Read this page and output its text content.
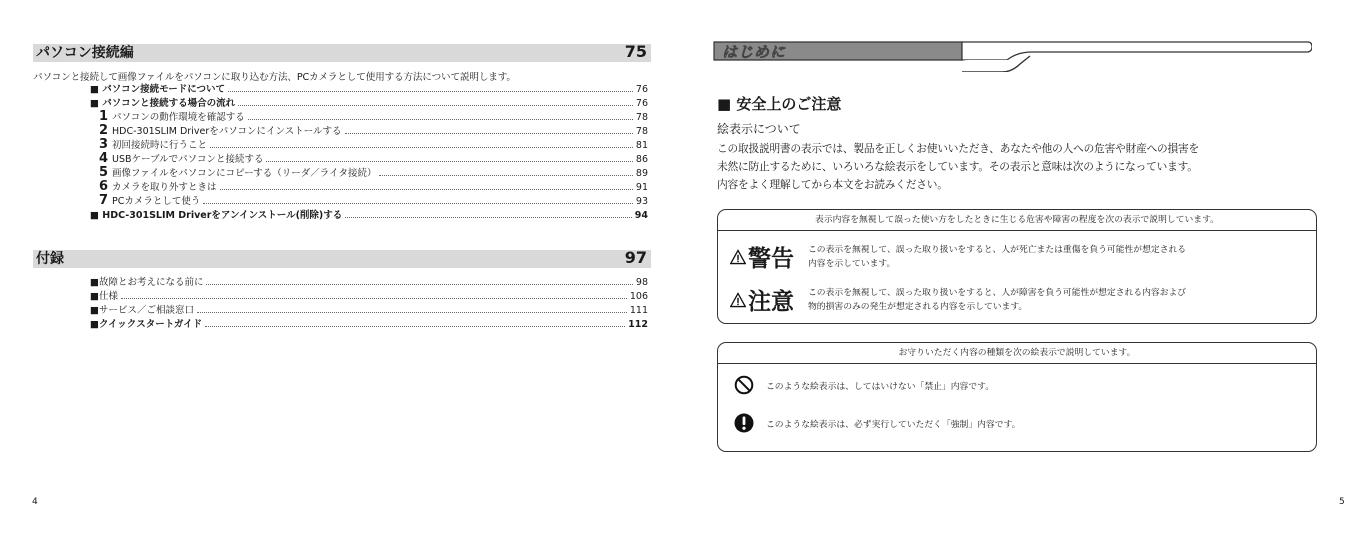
パソコン接続編	75
パソコンと接続して画像ファイルをパソコンに取り込む方法、PCカメラとして使用する方法について説明します。
■ パソコン接続モードについて	76
■ パソコンと接続する場合の流れ	76
1 パソコンの動作環境を確認する	78
2 HDC-301SLIM Driverをパソコンにインストールする	78
3 初回接続時に行うこと	81
4 USBケーブルでパソコンと接続する	86
5 画像ファイルをパソコンにコピーする（リーダ／ライタ接続）	89
6 カメラを取り外すときは	91
7 PCカメラとして使う	93
■ HDC-301SLIM Driverをアンインストール(削除)する	94
付録	97
■故障とお考えになる前に	98
■仕様	106
■サービス／ご相談窓口	111
■クイックスタートガイド	112
4
はじめに
■ 安全上のご注意
絵表示について
この取扱説明書の表示では、製品を正しくお使いいただき、あなたや他の人への危害や財産への損害を
未然に防止するために、いろいろな絵表示をしています。その表示と意味は次のようになっています。
内容をよく理解してから本文をお読みください。
表示内容を無視して誤った使い方をしたときに生じる危害や障害の程度を次の表示で説明しています。
警告 この表示を無視して、誤った取り扱いをすると、人が死亡または重傷を負う可能性が想定される
内容を示しています。
注意 この表示を無視して、誤った取り扱いをすると、人が障害を負う可能性が想定される内容および
物的損害のみの発生が想定される内容を示しています。
お守りいただく内容の種類を次の絵表示で説明しています。
このような絵表示は、してはいけない「禁止」内容です。
このような絵表示は、必ず実行していただく「強制」内容です。
5
